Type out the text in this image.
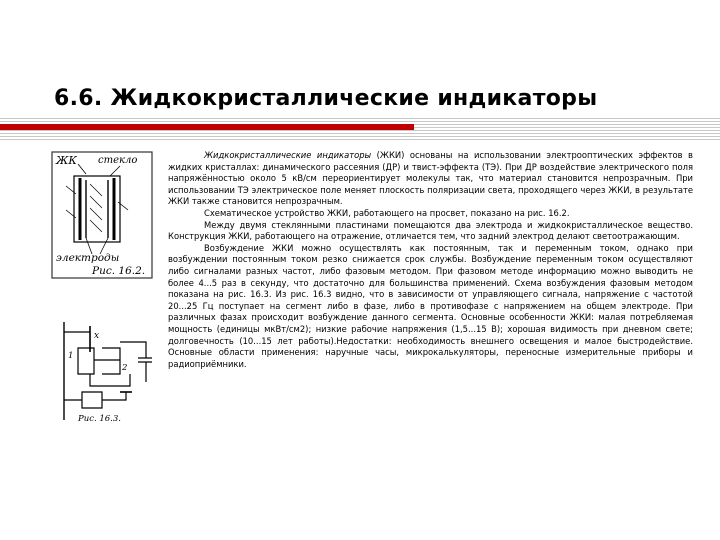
6.6. Жидкокристаллические индикаторы
ЖК стекло
электроды
Рис. 16.2.
х
1
2
Рис. 16.3.

Жидкокристаллические индикаторы (ЖКИ) основаны на использовании электрооптических эффектов в жидких кристаллах: динамического рассеяния (ДР) и твист-эффекта (ТЭ). При ДР воздействие электрического поля напряжённостью около 5 кВ/см переориентирует молекулы так, что материал становится непрозрачным. При использовании ТЭ электрическое поле меняет плоскость поляризации света, проходящего через ЖКИ, в результате ЖКИ также становится непрозрачным.

Схематическое устройство ЖКИ, работающего на просвет, показано на рис. 16.2.

Между двумя стеклянными пластинами помещаются два электрода и жидкокристаллическое вещество. Конструкция ЖКИ, работающего на отражение, отличается тем, что задний электрод делают светоотражающим.

Возбуждение ЖКИ можно осуществлять как постоянным, так и переменным током, однако при возбуждении постоянным током резко снижается срок службы. Возбуждение переменным током осуществляют либо сигналами разных частот, либо фазовым методом. При фазовом методе информацию можно выводить не более 4...5 раз в секунду, что достаточно для большинства применений. Схема возбуждения фазовым методом показана на рис. 16.3. Из рис. 16.3 видно, что в зависимости от управляющего сигнала, напряжение с частотой 20...25 Гц поступает на сегмент либо в фазе, либо в противофазе с напряжением на общем электроде. При различных фазах происходит возбуждение данного сегмента. Основные особенности ЖКИ: малая потребляемая мощность (единицы мкВт/см2); низкие рабочие напряжения (1,5...15 В); хорошая видимость при дневном свете; долговечность (10...15 лет работы).Недостатки: необходимость внешнего освещения и малое быстродействие. Основные области применения: наручные часы, микрокалькуляторы, переносные измерительные приборы и радиоприёмники.
